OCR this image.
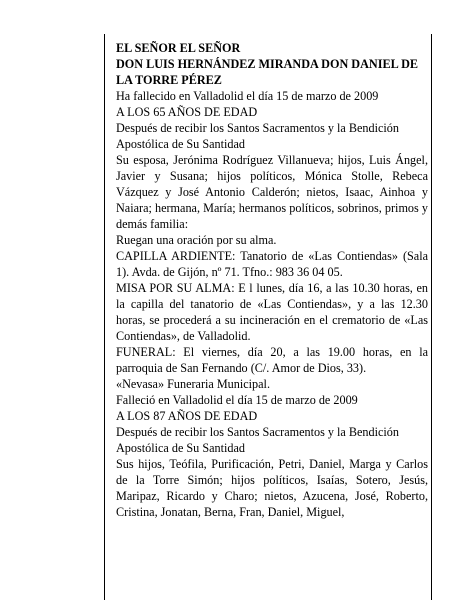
EL SEÑOR EL SEÑOR

DON LUIS HERNÁNDEZ MIRANDA DON DANIEL DE LA TORRE PÉREZ

Ha fallecido en Valladolid el día 15 de marzo de 2009

A LOS 65 AÑOS DE EDAD

Después de recibir los Santos Sacramentos y la Bendición Apostólica de Su Santidad

Su esposa, Jerónima Rodríguez Villanueva; hijos, Luis Ángel, Javier y Susana; hijos políticos, Mónica Stolle, Rebeca Vázquez y José Antonio Calderón; nietos, Isaac, Ainhoa y Naiara; hermana, María; hermanos políticos, sobrinos, primos y demás familia:

Ruegan una oración por su alma.

CAPILLA ARDIENTE: Tanatorio de «Las Contiendas» (Sala 1). Avda. de Gijón, nº 71. Tfno.: 983 36 04 05.

MISA POR SU ALMA: E l lunes, día 16, a las 10.30 horas, en la capilla del tanatorio de «Las Contiendas», y a las 12.30 horas, se procederá a su incineración en el crematorio de «Las Contiendas», de Valladolid.

FUNERAL: El viernes, día 20, a las 19.00 horas, en la parroquia de San Fernando (C/. Amor de Dios, 33).

«Nevasa» Funeraria Municipal.

Falleció en Valladolid el día 15 de marzo de 2009

A LOS 87 AÑOS DE EDAD

Después de recibir los Santos Sacramentos y la Bendición Apostólica de Su Santidad

Sus hijos, Teófila, Purificación, Petri, Daniel, Marga y Carlos de la Torre Simón; hijos políticos, Isaías, Sotero, Jesús, Maripaz, Ricardo y Charo; nietos, Azucena, José, Roberto, Cristina, Jonatan, Berna, Fran, Daniel, Miguel,
